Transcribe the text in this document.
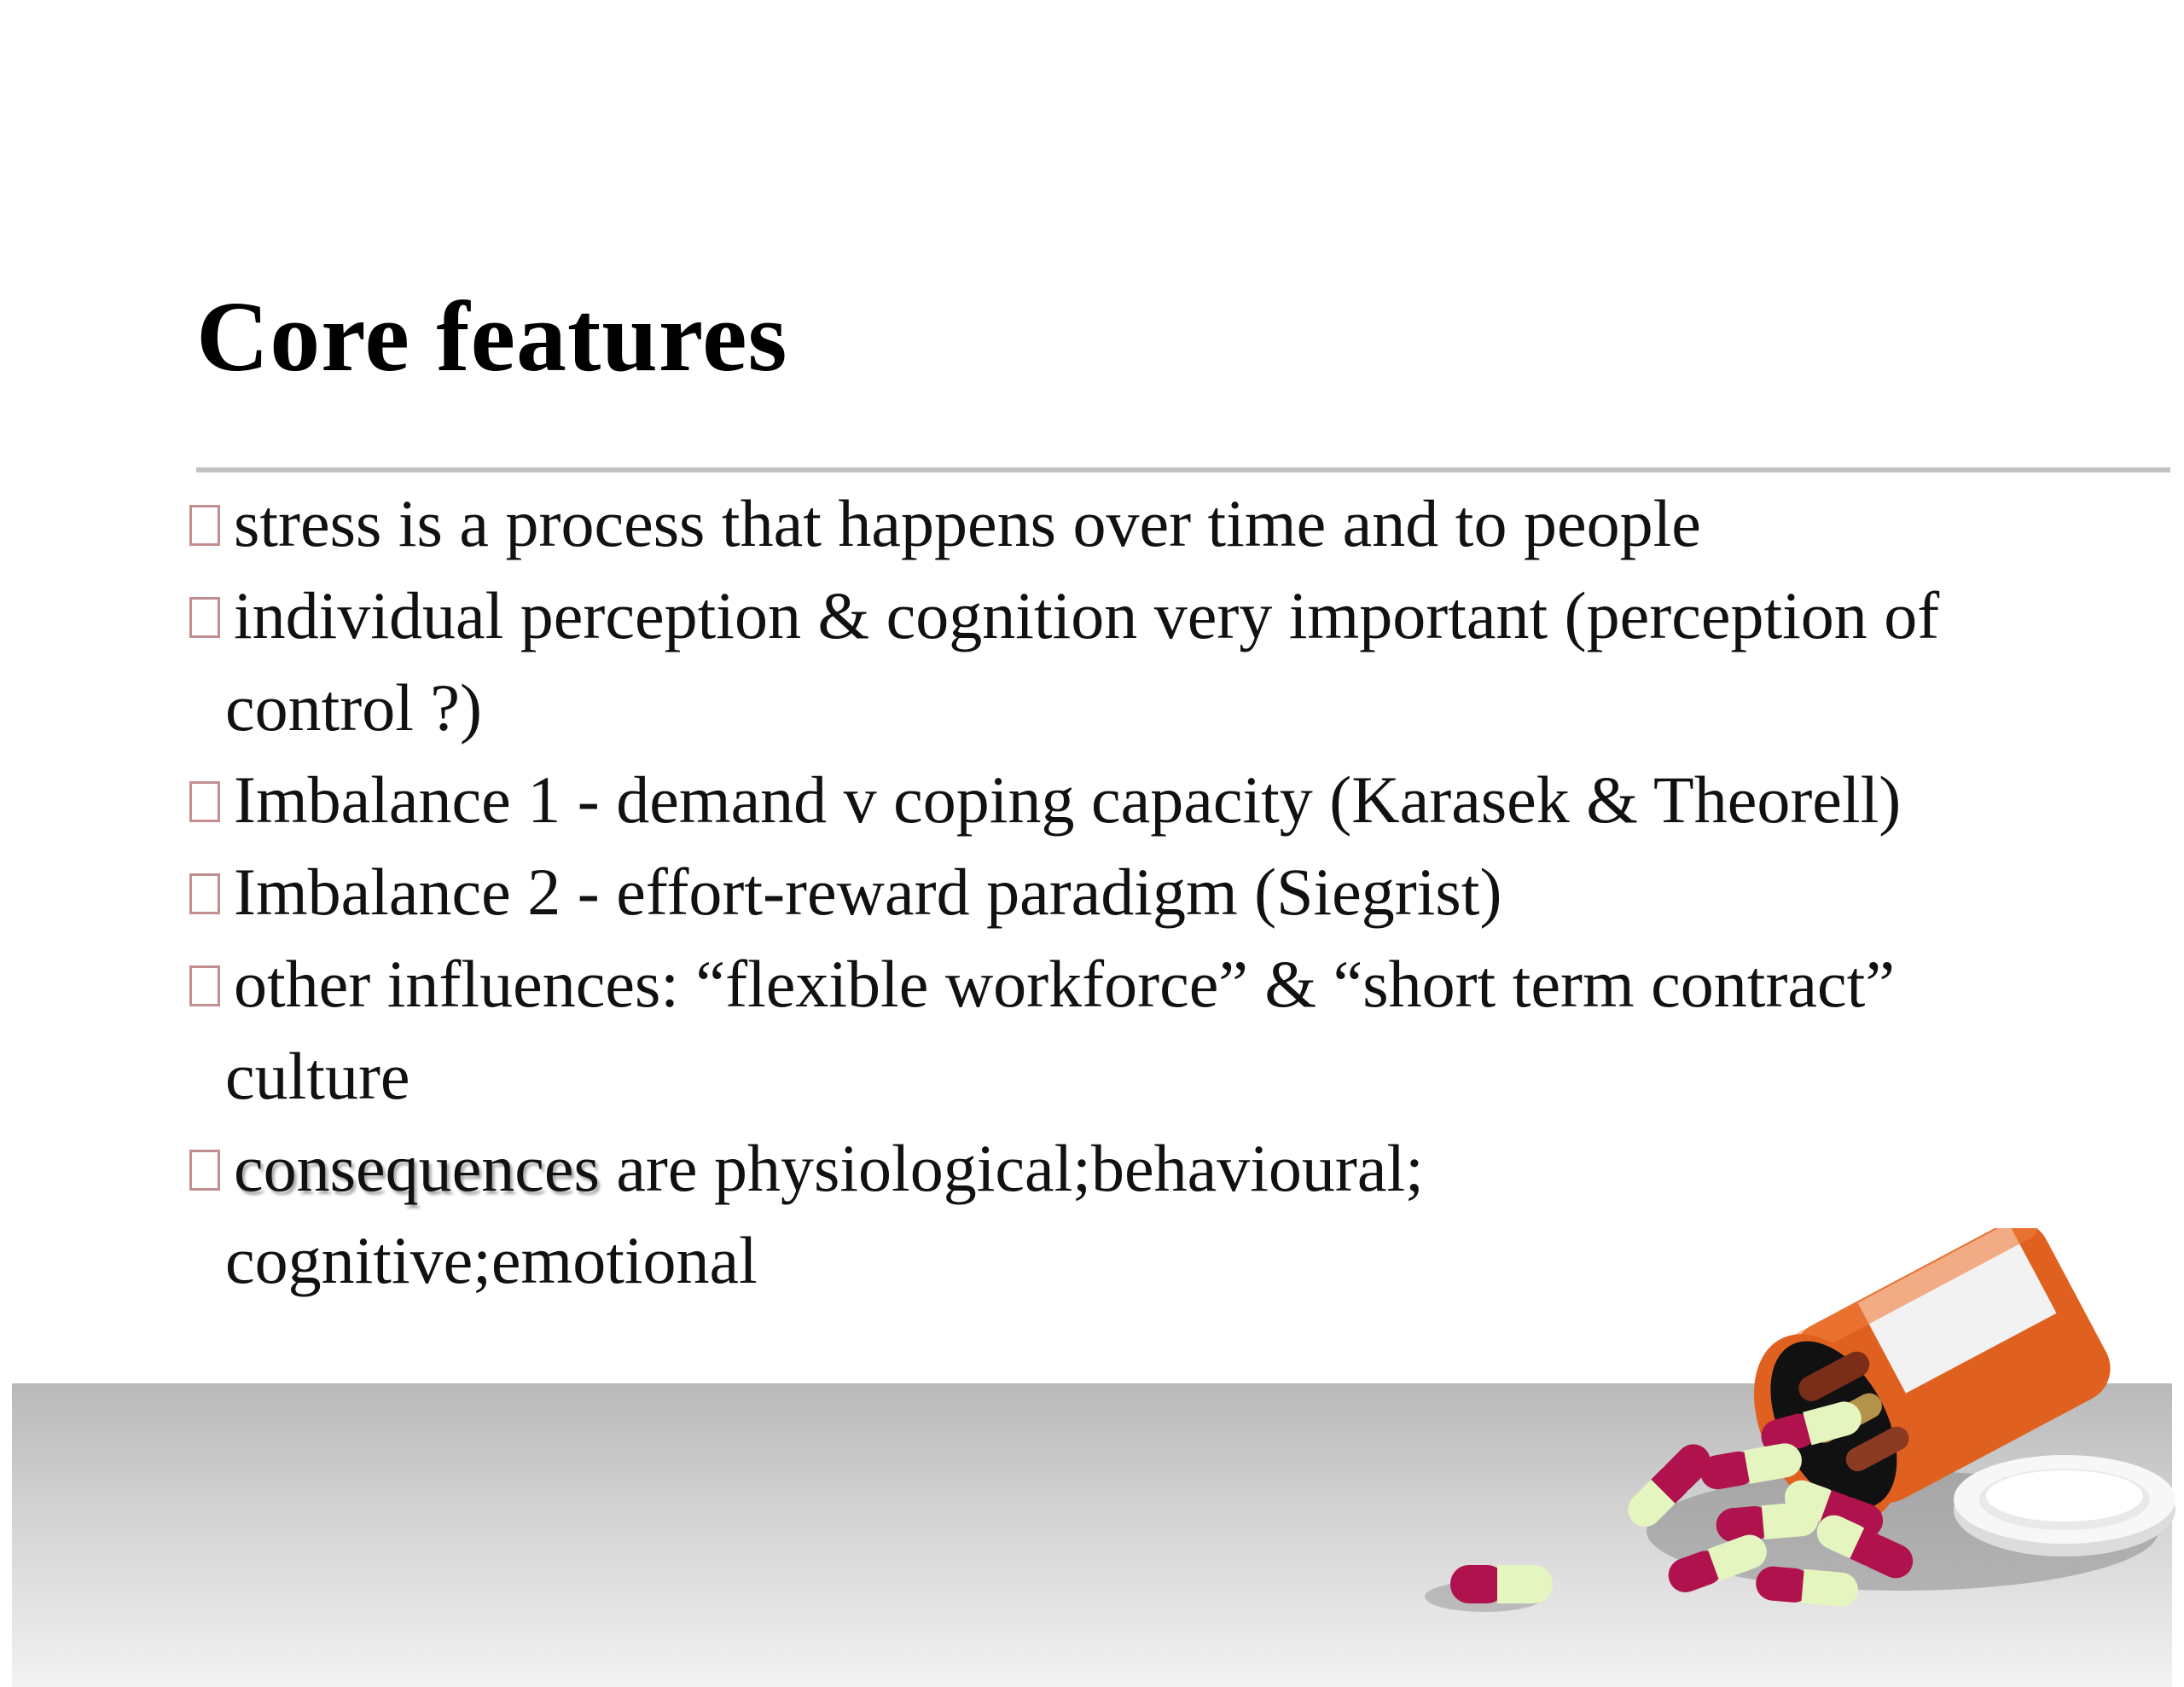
Core features
stress is a process that happens over time and to people
individual perception & cognition very important (perception of
control ?)
Imbalance 1 - demand v coping capacity (Karasek & Theorell)
Imbalance 2 - effort-reward paradigm (Siegrist)
other influences: “flexible workforce” & “short term contract”
culture
consequences are physiological;behavioural;
cognitive;emotional
